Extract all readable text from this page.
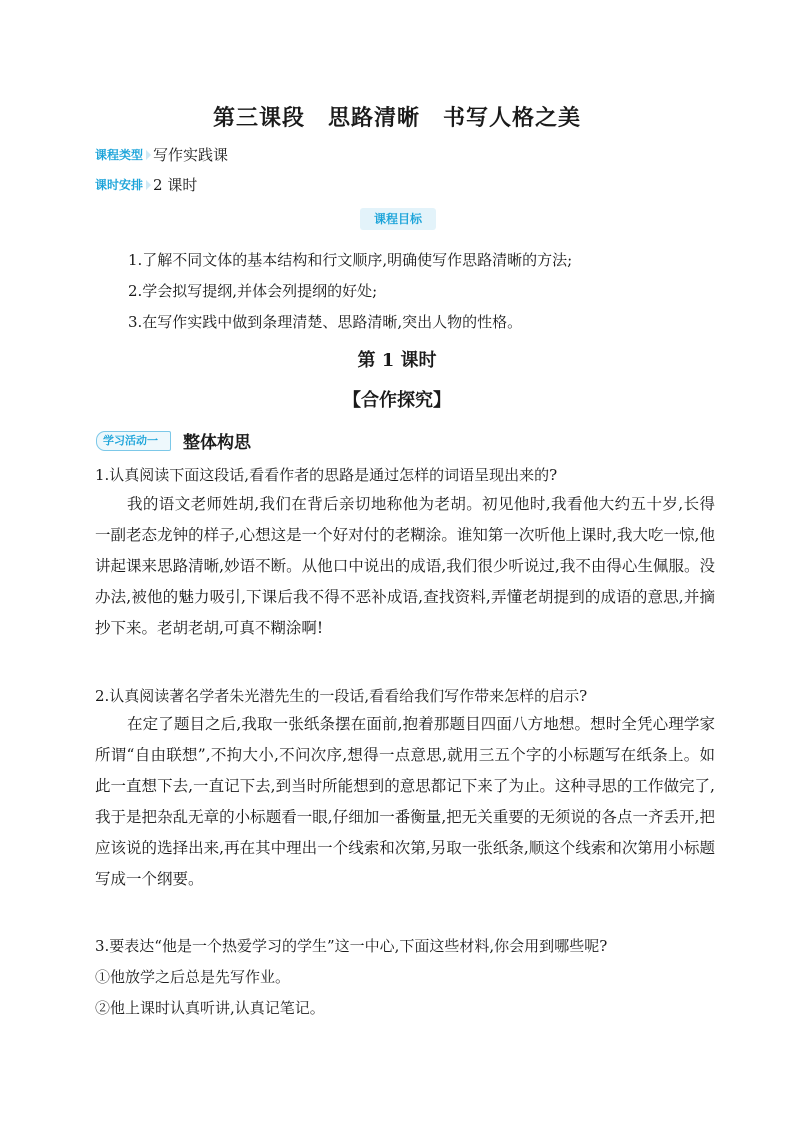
第三课段　思路清晰　书写人格之美
课程类型 写作实践课
课时安排 2 课时
课程目标
1.了解不同文体的基本结构和行文顺序,明确使写作思路清晰的方法;
2.学会拟写提纲,并体会列提纲的好处;
3.在写作实践中做到条理清楚、思路清晰,突出人物的性格。
第 1 课时
【合作探究】
学习活动一	整体构思
1.认真阅读下面这段话,看看作者的思路是通过怎样的词语呈现出来的?
我的语文老师姓胡,我们在背后亲切地称他为老胡。初见他时,我看他大约五十岁,长得一副老态龙钟的样子,心想这是一个好对付的老糊涂。谁知第一次听他上课时,我大吃一惊,他讲起课来思路清晰,妙语不断。从他口中说出的成语,我们很少听说过,我不由得心生佩服。没办法,被他的魅力吸引,下课后我不得不恶补成语,查找资料,弄懂老胡提到的成语的意思,并摘抄下来。老胡老胡,可真不糊涂啊!
2.认真阅读著名学者朱光潜先生的一段话,看看给我们写作带来怎样的启示?
在定了题目之后,我取一张纸条摆在面前,抱着那题目四面八方地想。想时全凭心理学家所谓“自由联想”,不拘大小,不问次序,想得一点意思,就用三五个字的小标题写在纸条上。如此一直想下去,一直记下去,到当时所能想到的意思都记下来了为止。这种寻思的工作做完了,我于是把杂乱无章的小标题看一眼,仔细加一番衡量,把无关重要的无须说的各点一齐丢开,把应该说的选择出来,再在其中理出一个线索和次第,另取一张纸条,顺这个线索和次第用小标题写成一个纲要。
3.要表达“他是一个热爱学习的学生”这一中心,下面这些材料,你会用到哪些呢?
①他放学之后总是先写作业。
②他上课时认真听讲,认真记笔记。
